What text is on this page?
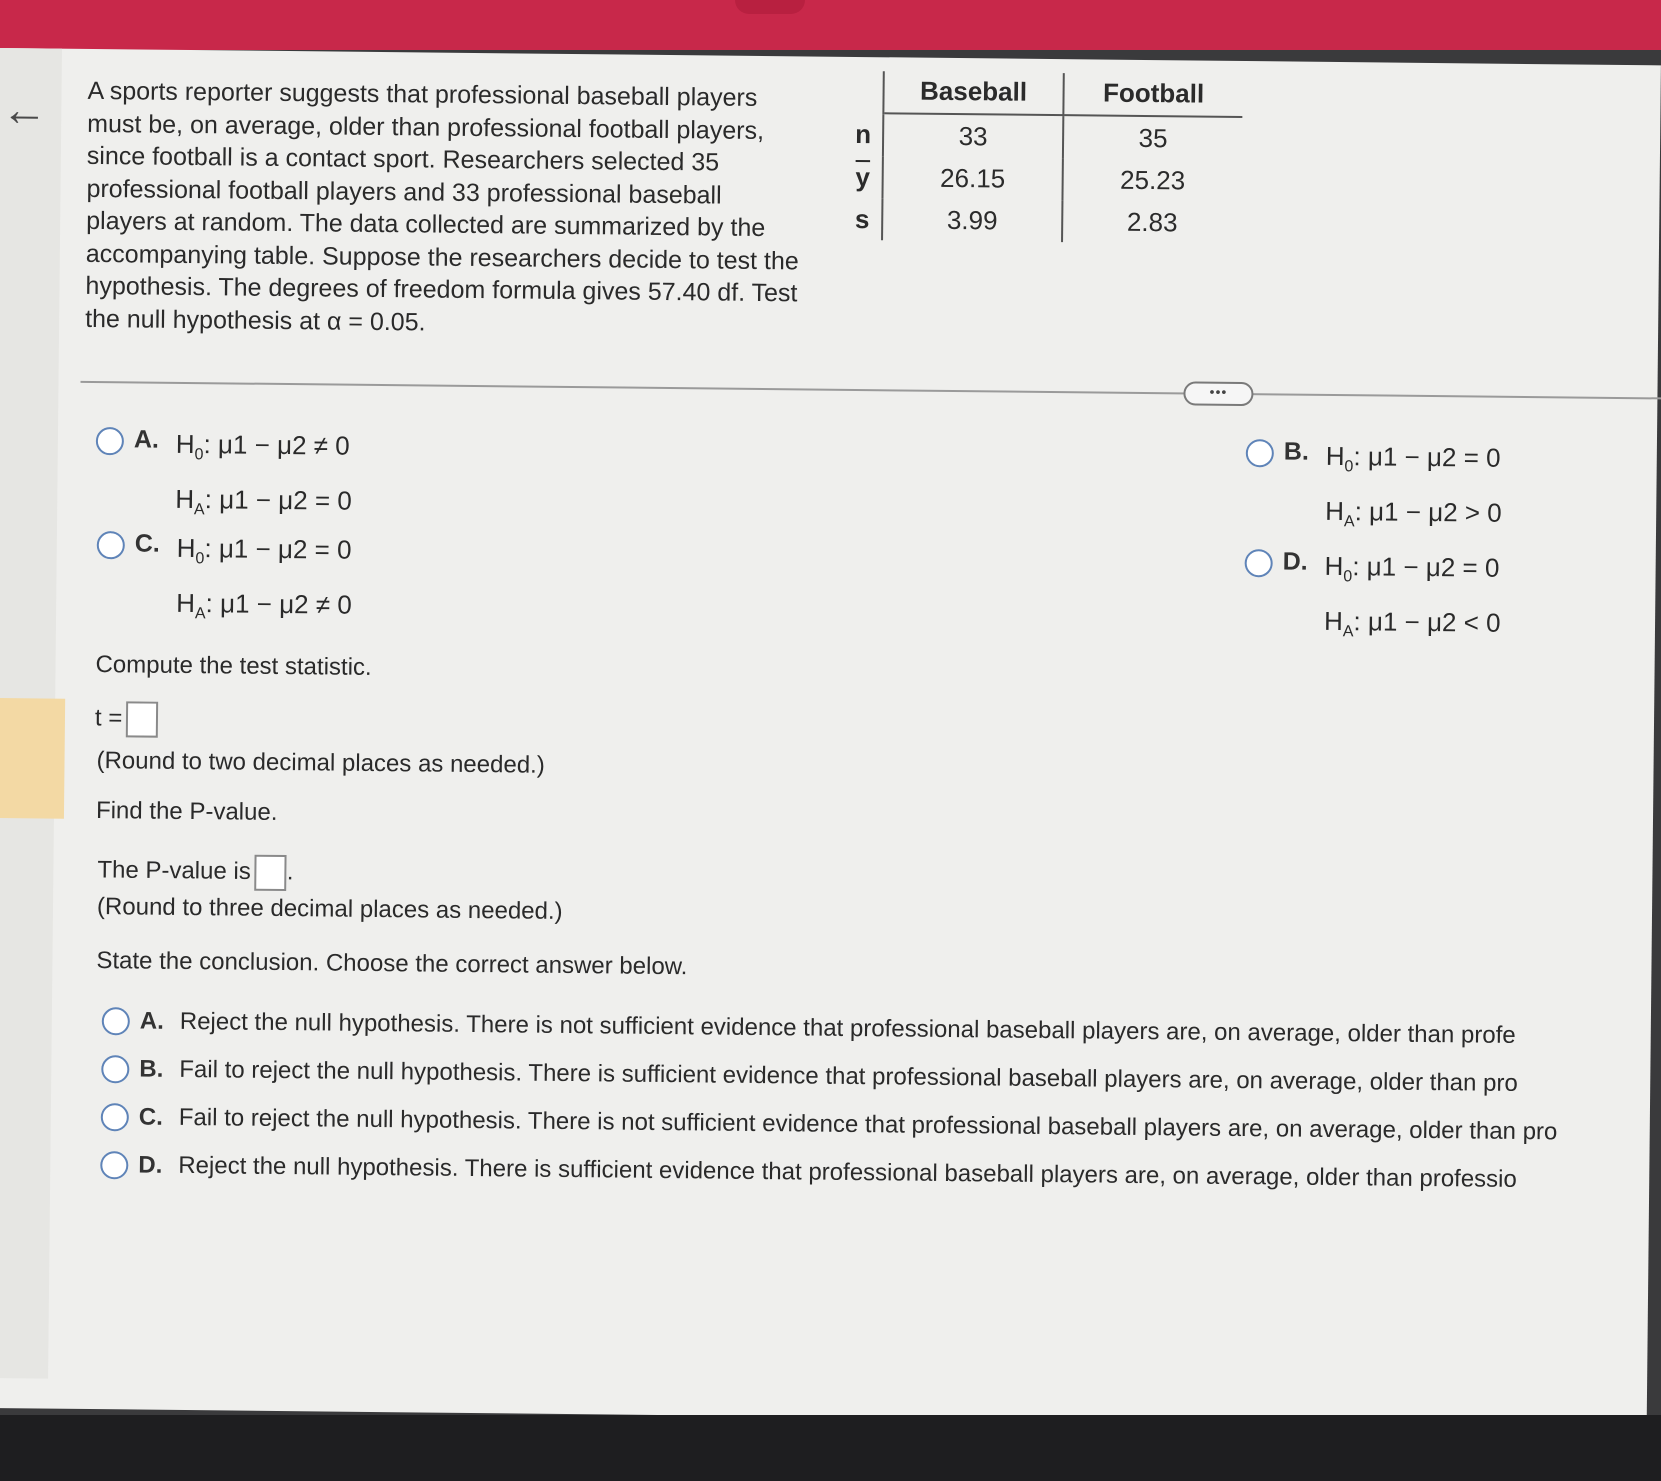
← A sports reporter suggests that professional baseball players must be, on average, older than professional football players, since football is a contact sport. Researchers selected 35 professional football players and 33 professional baseball players at random. The data collected are summarized by the accompanying table. Suppose the researchers decide to test the hypothesis. The degrees of freedom formula gives 57.40 df. Test the null hypothesis at α = 0.05.

	Baseball	Football
n	33	35
$\overline{y}$	26.15	25.23
s	3.99	2.83
•••
A. $H_0$: μ1 − μ2 ≠ 0
$H_A$: μ1 − μ2 = 0
B. $H_0$: μ1 − μ2 = 0
$H_A$: μ1 − μ2 > 0
C. $H_0$: μ1 − μ2 = 0
$H_A$: μ1 − μ2 ≠ 0
D. $H_0$: μ1 − μ2 = 0
$H_A$: μ1 − μ2 < 0
Compute the test statistic.
t =
(Round to two decimal places as needed.)
Find the P-value.
The P-value is .
(Round to three decimal places as needed.)
State the conclusion. Choose the correct answer below.
A. Reject the null hypothesis. There is not sufficient evidence that professional baseball players are, on average, older than profe
B. Fail to reject the null hypothesis. There is sufficient evidence that professional baseball players are, on average, older than pro
C. Fail to reject the null hypothesis. There is not sufficient evidence that professional baseball players are, on average, older than pro
D. Reject the null hypothesis. There is sufficient evidence that professional baseball players are, on average, older than professio
